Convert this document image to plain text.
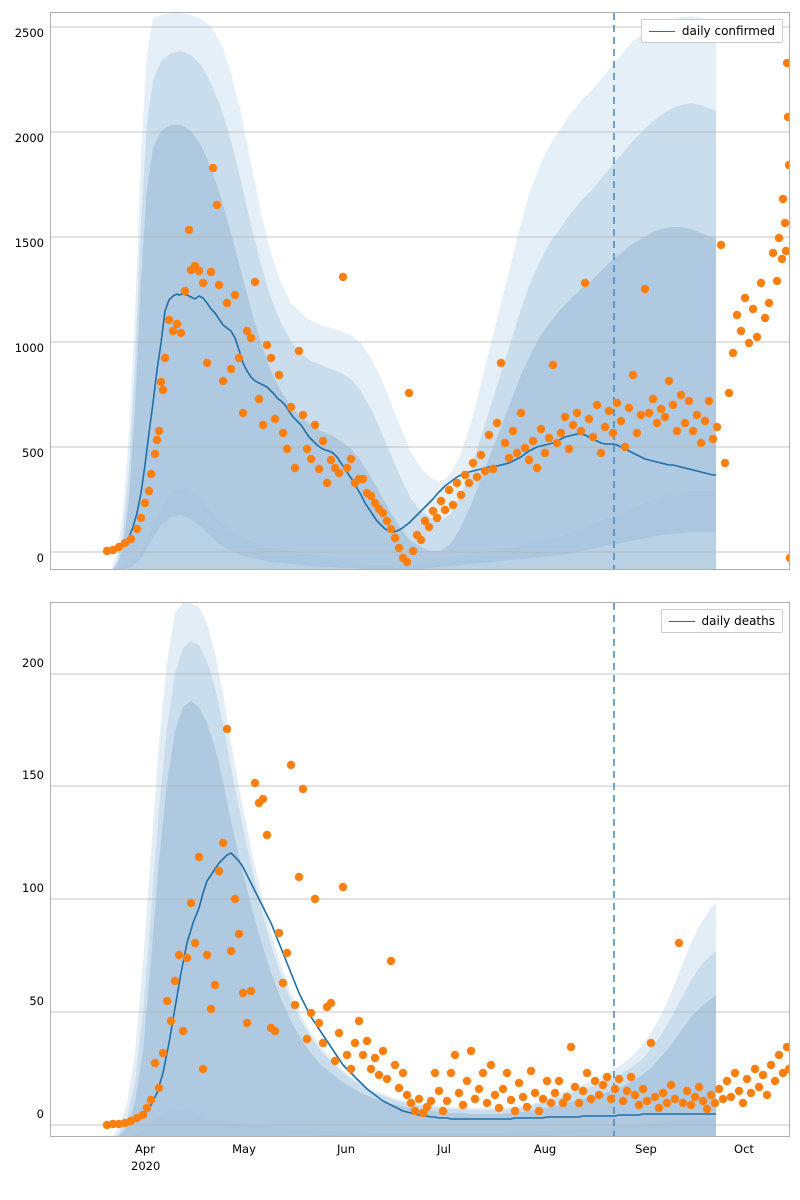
2500
2000
1500
1000
500
0
daily confirmed
200
150
100
50
0
daily deaths
Apr	May	Jun	Jul	Aug	Sep	Oct
2020
